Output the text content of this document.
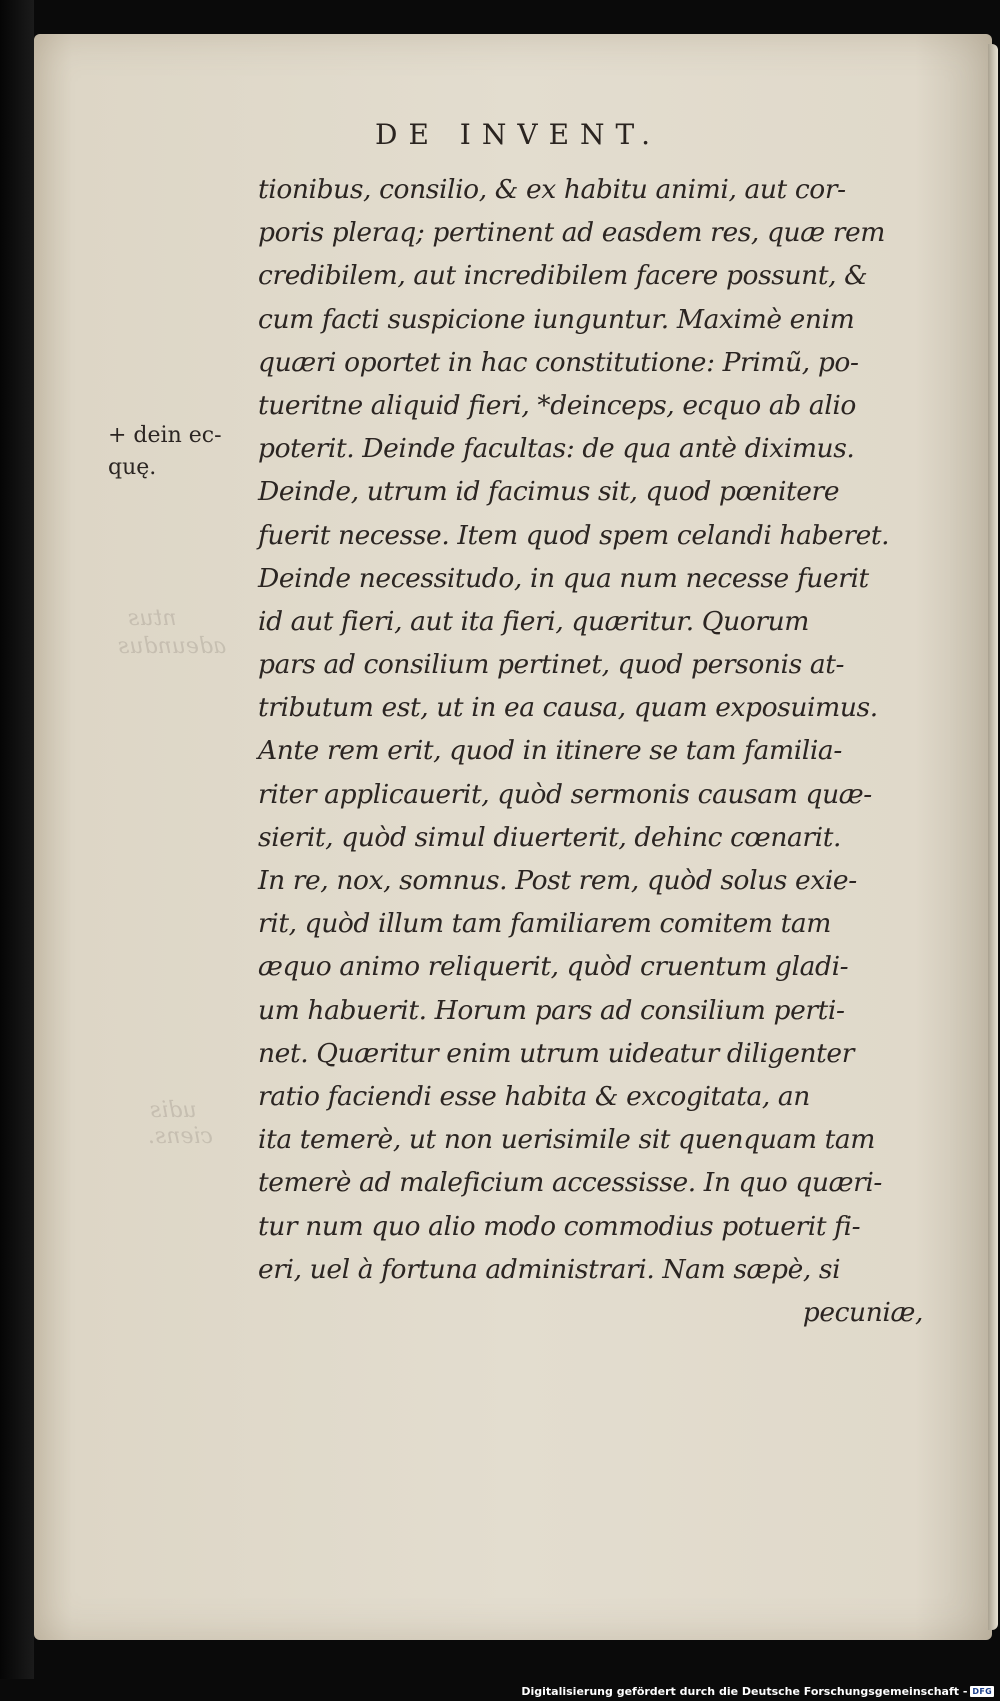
ntus
adeundus
udis
ciens.
DE INVENT.
+ dein ec-
quę.
tionibus, consilio, & ex habitu animi, aut cor-
poris pleraq; pertinent ad easdem res, quæ rem
credibilem, aut incredibilem facere possunt, &
cum facti suspicione iunguntur. Maximè enim
quæri oportet in hac constitutione: Primũ, po-
tueritne aliquid fieri, *deinceps, ecquo ab alio
poterit. Deinde facultas: de qua antè diximus.
Deinde, utrum id facimus sit, quod pœnitere
fuerit necesse. Item quod spem celandi haberet.
Deinde necessitudo, in qua num necesse fuerit
id aut fieri, aut ita fieri, quæritur. Quorum
pars ad consilium pertinet, quod personis at-
tributum est, ut in ea causa, quam exposuimus.
Ante rem erit, quod in itinere se tam familia-
riter applicauerit, quòd sermonis causam quæ-
sierit, quòd simul diuerterit, dehinc cœnarit.
In re, nox, somnus. Post rem, quòd solus exie-
rit, quòd illum tam familiarem comitem tam
æquo animo reliquerit, quòd cruentum gladi-
um habuerit. Horum pars ad consilium perti-
net. Quæritur enim utrum uideatur diligenter
ratio faciendi esse habita & excogitata, an
ita temerè, ut non uerisimile sit quenquam tam
temerè ad maleficium accessisse. In quo quæri-
tur num quo alio modo commodius potuerit fi-
eri, uel à fortuna administrari. Nam sæpè, si
pecuniæ,
Digitalisierung gefördert durch die Deutsche Forschungsgemeinschaft - DFG
